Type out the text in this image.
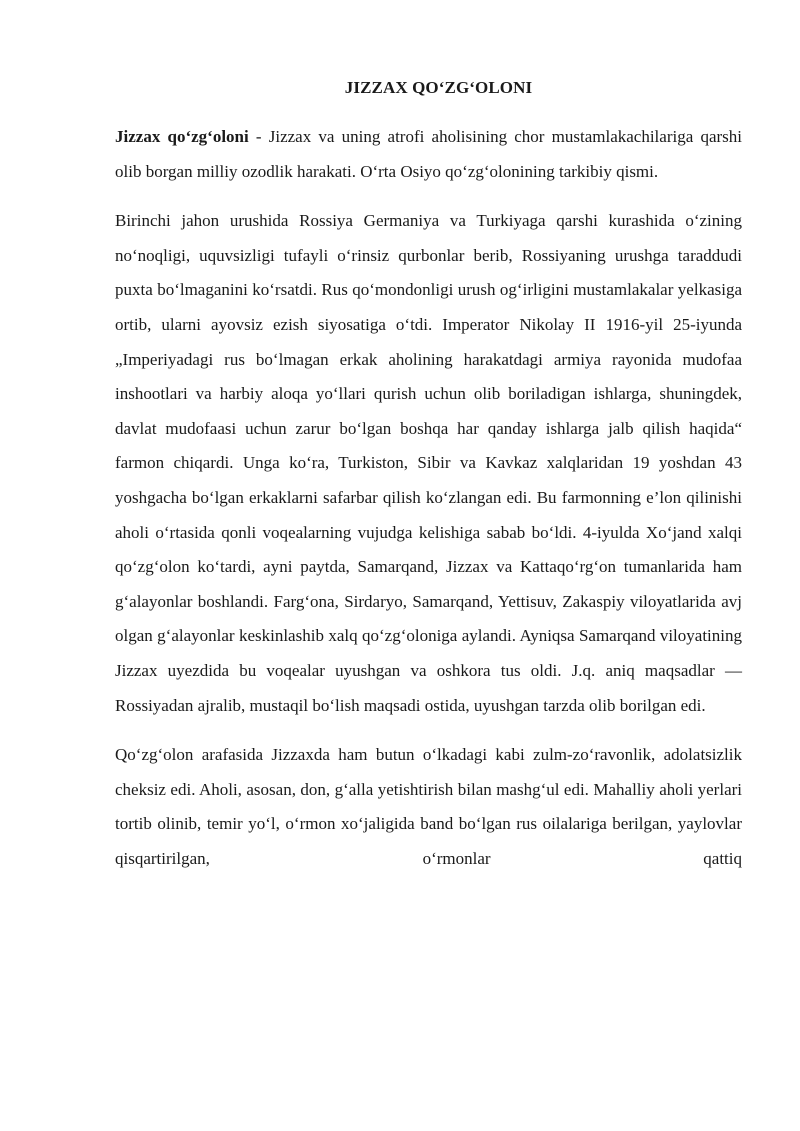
JIZZAX QO‘ZG‘OLONI

Jizzax qo‘zg‘oloni - Jizzax va uning atrofi aholisining chor mustamlakachilariga qarshi olib borgan milliy ozodlik harakati. O‘rta Osiyo qo‘zg‘olonining tarkibiy qismi.

Birinchi jahon urushida Rossiya Germaniya va Turkiyaga qarshi kurashida o‘zining no‘noqligi, uquvsizligi tufayli o‘rinsiz qurbonlar berib, Rossiyaning urushga taraddudi puxta bo‘lmaganini ko‘rsatdi. Rus qo‘mondonligi urush og‘irligini mustamlakalar yelkasiga ortib, ularni ayovsiz ezish siyosatiga o‘tdi. Imperator Nikolay II 1916-yil 25-iyunda „Imperiyadagi rus bo‘lmagan erkak aholining harakatdagi armiya rayonida mudofaa inshootlari va harbiy aloqa yo‘llari qurish uchun olib boriladigan ishlarga, shuningdek, davlat mudofaasi uchun zarur bo‘lgan boshqa har qanday ishlarga jalb qilish haqida“ farmon chiqardi. Unga ko‘ra, Turkiston, Sibir va Kavkaz xalqlaridan 19 yoshdan 43 yoshgacha bo‘lgan erkaklarni safarbar qilish ko‘zlangan edi. Bu farmonning e’lon qilinishi aholi o‘rtasida qonli voqealarning vujudga kelishiga sabab bo‘ldi. 4-iyulda Xo‘jand xalqi qo‘zg‘olon ko‘tardi, ayni paytda, Samarqand, Jizzax va Kattaqo‘rg‘on tumanlarida ham g‘alayonlar boshlandi. Farg‘ona, Sirdaryo, Samarqand, Yettisuv, Zakaspiy viloyatlarida avj olgan g‘alayonlar keskinlashib xalq qo‘zg‘oloniga aylandi. Ayniqsa Samarqand viloyatining Jizzax uyezdida bu voqealar uyushgan va oshkora tus oldi. J.q. aniq maqsadlar — Rossiyadan ajralib, mustaqil bo‘lish maqsadi ostida, uyushgan tarzda olib borilgan edi.

Qo‘zg‘olon arafasida Jizzaxda ham butun o‘lkadagi kabi zulm-zo‘ravonlik, adolatsizlik cheksiz edi. Aholi, asosan, don, g‘alla yetishtirish bilan mashg‘ul edi. Mahalliy aholi yerlari tortib olinib, temir yo‘l, o‘rmon xo‘jaligida band bo‘lgan rus oilalariga berilgan, yaylovlar qisqartirilgan, o‘rmonlar qattiq
